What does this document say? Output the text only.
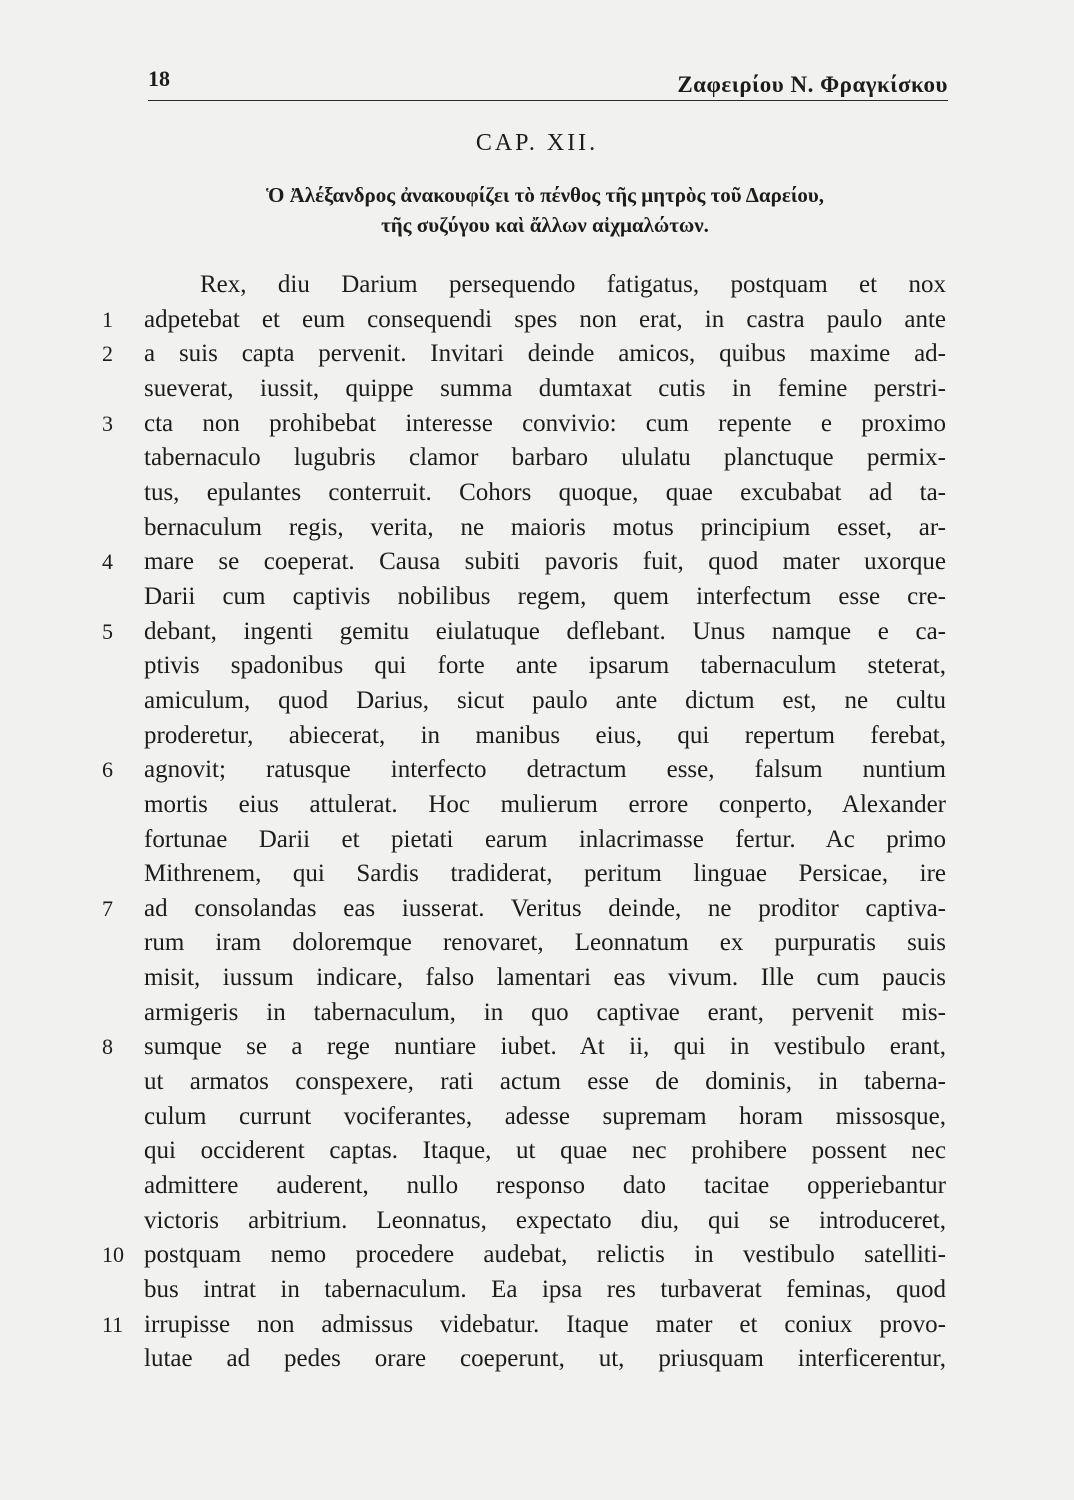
18	Ζαφειρίου Ν. Φραγκίσκου
CAP. XII.
Ὁ Ἀλέξανδρος ἀνακουφίζει τὸ πένθος τῆς μητρὸς τοῦ Δαρείου,
τῆς συζύγου καὶ ἄλλων αἰχμαλώτων.
Rex, diu Darium persequendo fatigatus, postquam et nox
1	adpetebat et eum consequendi spes non erat, in castra paulo ante
2	a suis capta pervenit. Invitari deinde amicos, quibus maxime ad-
sueverat, iussit, quippe summa dumtaxat cutis in femine perstri-
3	cta non prohibebat interesse convivio: cum repente e proximo
tabernaculo lugubris clamor barbaro ululatu planctuque permix-
tus, epulantes conterruit. Cohors quoque, quae excubabat ad ta-
bernaculum regis, verita, ne maioris motus principium esset, ar-
4	mare se coeperat. Causa subiti pavoris fuit, quod mater uxorque
Darii cum captivis nobilibus regem, quem interfectum esse cre-
5	debant, ingenti gemitu eiulatuque deflebant. Unus namque e ca-
ptivis spadonibus qui forte ante ipsarum tabernaculum steterat,
amiculum, quod Darius, sicut paulo ante dictum est, ne cultu
proderetur, abiecerat, in manibus eius, qui repertum ferebat,
6	agnovit; ratusque interfecto detractum esse, falsum nuntium
mortis eius attulerat. Hoc mulierum errore conperto, Alexander
fortunae Darii et pietati earum inlacrimasse fertur. Ac primo
Mithrenem, qui Sardis tradiderat, peritum linguae Persicae, ire
7	ad consolandas eas iusserat. Veritus deinde, ne proditor captiva-
rum iram doloremque renovaret, Leonnatum ex purpuratis suis
misit, iussum indicare, falso lamentari eas vivum. Ille cum paucis
armigeris in tabernaculum, in quo captivae erant, pervenit mis-
8	sumque se a rege nuntiare iubet. At ii, qui in vestibulo erant,
ut armatos conspexere, rati actum esse de dominis, in taberna-
culum currunt vociferantes, adesse supremam horam missosque,
qui occiderent captas. Itaque, ut quae nec prohibere possent nec
admittere auderent, nullo responso dato tacitae opperiebantur
victoris arbitrium. Leonnatus, expectato diu, qui se introduceret,
10 postquam nemo procedere audebat, relictis in vestibulo satelliti-
bus intrat in tabernaculum. Ea ipsa res turbaverat feminas, quod
11 irrupisse non admissus videbatur. Itaque mater et coniux provo-
lutae ad pedes orare coeperunt, ut, priusquam interficerentur,
